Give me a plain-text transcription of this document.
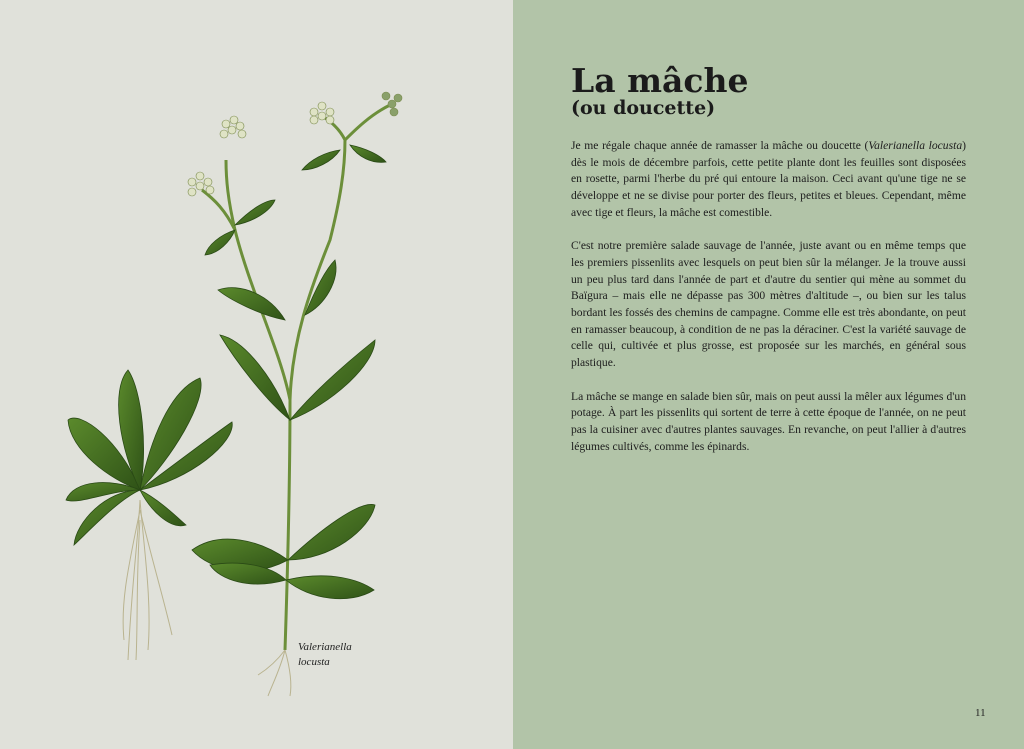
Valerianella
locusta
La mâche
(ou doucette)

Je me régale chaque année de ramasser la mâche ou doucette (Valerianella locusta) dès le mois de décembre parfois, cette petite plante dont les feuilles sont disposées en rosette, parmi l'herbe du pré qui entoure la maison. Ceci avant qu'une tige ne se développe et ne se divise pour porter des fleurs, petites et bleues. Cependant, même avec tige et fleurs, la mâche est comestible.

C'est notre première salade sauvage de l'année, juste avant ou en même temps que les premiers pissenlits avec lesquels on peut bien sûr la mélanger. Je la trouve aussi un peu plus tard dans l'année de part et d'autre du sentier qui mène au sommet du Baïgura – mais elle ne dépasse pas 300 mètres d'altitude –, ou bien sur les talus bordant les fossés des chemins de campagne. Comme elle est très abondante, on peut en ramasser beaucoup, à condition de ne pas la déraciner. C'est la variété sauvage de celle qui, cultivée et plus grosse, est proposée sur les marchés, en général sous plastique.

La mâche se mange en salade bien sûr, mais on peut aussi la mêler aux légumes d'un potage. À part les pissenlits qui sortent de terre à cette époque de l'année, on ne peut pas la cuisiner avec d'autres plantes sauvages. En revanche, on peut l'allier à d'autres légumes cultivés, comme les épinards.

11
